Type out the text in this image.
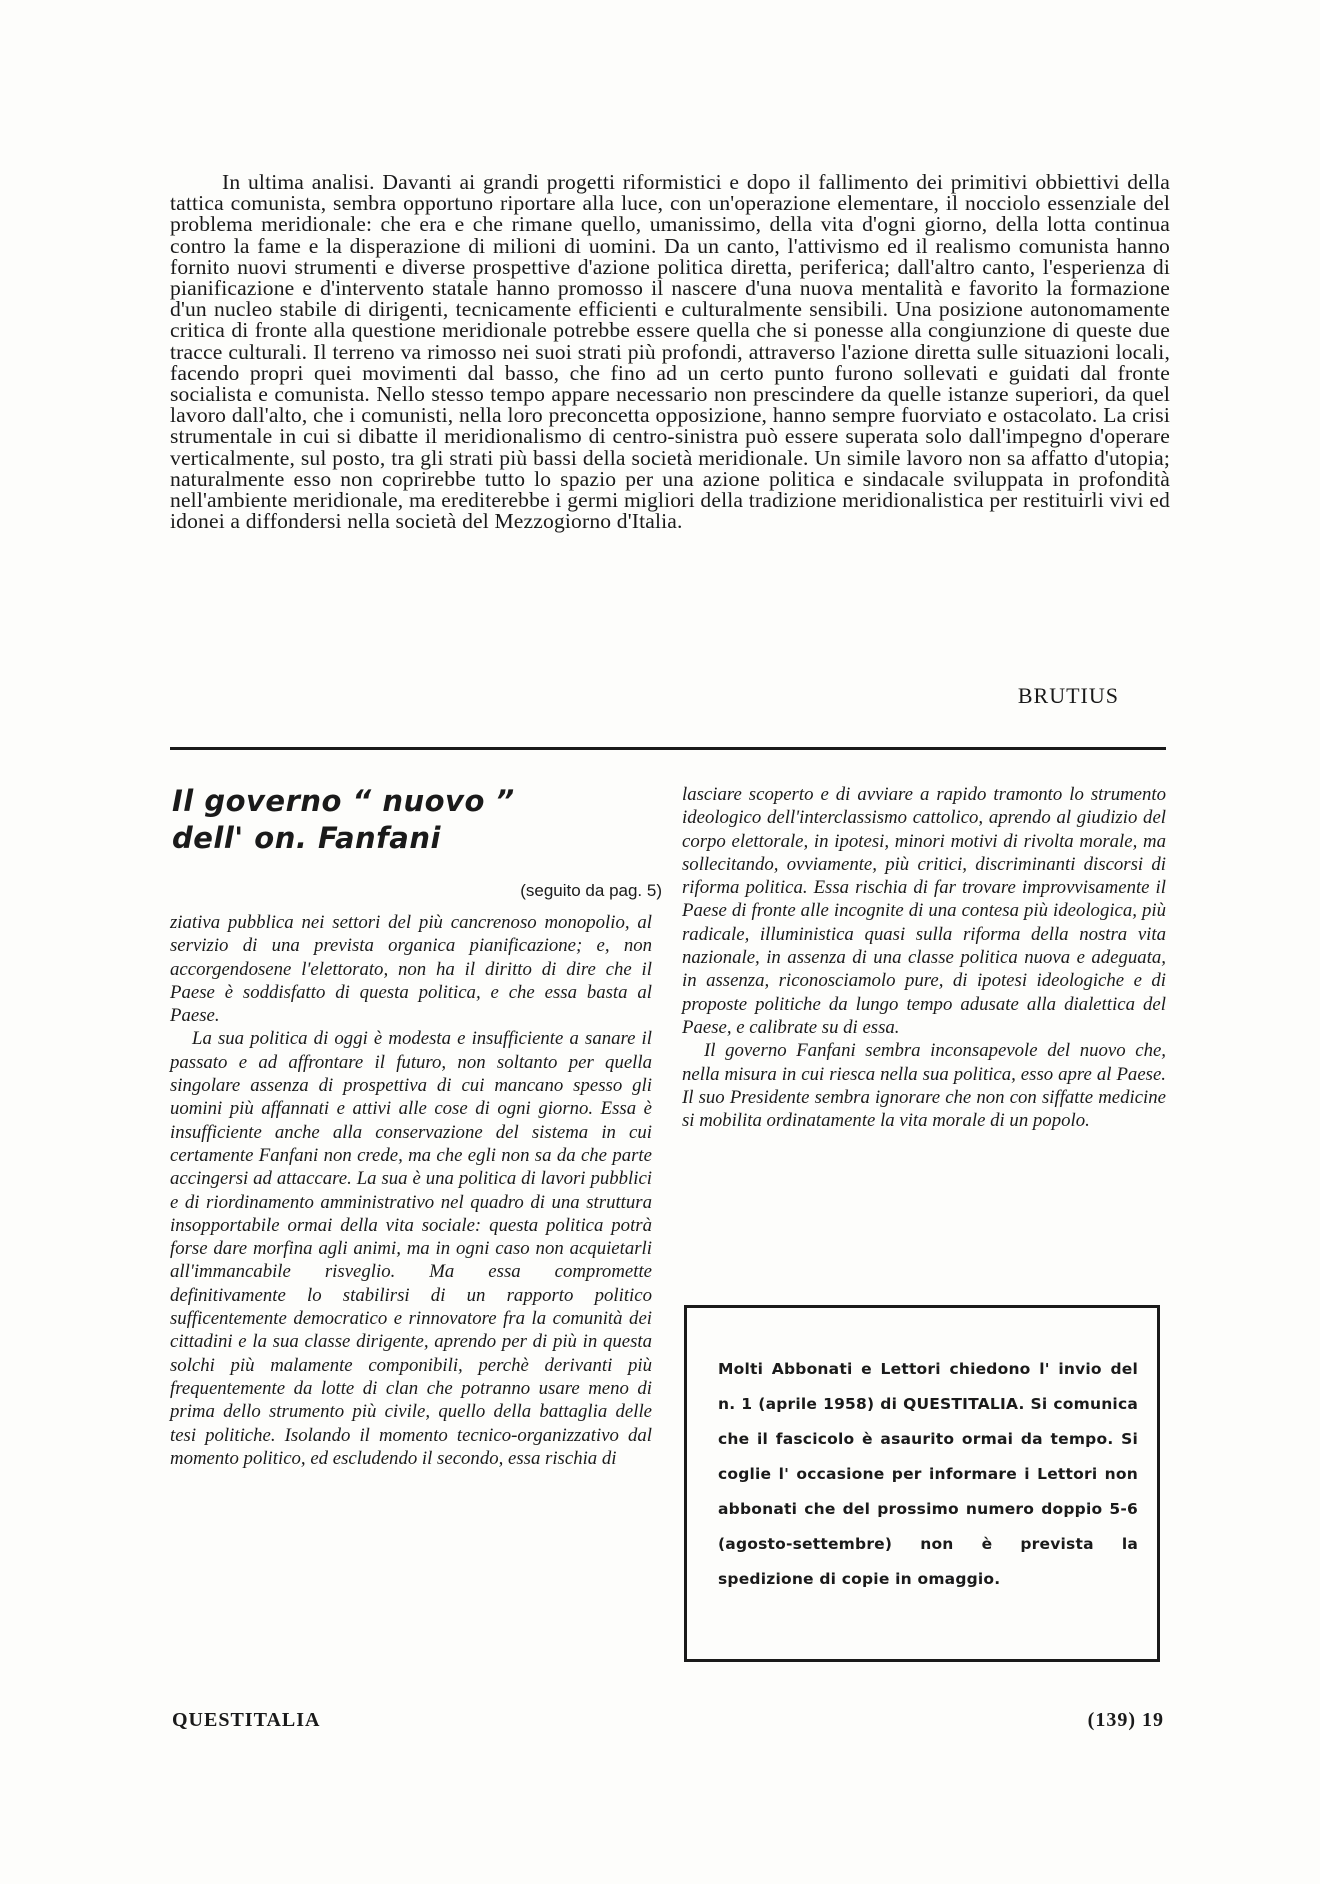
In ultima analisi. Davanti ai grandi progetti riformistici e dopo il fallimento dei primitivi obbiettivi della tattica comunista, sembra opportuno riportare alla luce, con un'operazione elementare, il nocciolo essenziale del problema meridionale: che era e che rimane quello, umanissimo, della vita d'ogni giorno, della lotta continua contro la fame e la disperazione di milioni di uomini. Da un canto, l'attivismo ed il realismo comunista hanno fornito nuovi strumenti e diverse prospettive d'azione politica diretta, periferica; dall'altro canto, l'esperienza di pianificazione e d'intervento statale hanno promosso il nascere d'una nuova mentalità e favorito la formazione d'un nucleo stabile di dirigenti, tecnicamente efficienti e culturalmente sensibili. Una posizione autonomamente critica di fronte alla questione meridionale potrebbe essere quella che si ponesse alla congiunzione di queste due tracce culturali. Il terreno va rimosso nei suoi strati più profondi, attraverso l'azione diretta sulle situazioni locali, facendo propri quei movimenti dal basso, che fino ad un certo punto furono sollevati e guidati dal fronte socialista e comunista. Nello stesso tempo appare necessario non prescindere da quelle istanze superiori, da quel lavoro dall'alto, che i comunisti, nella loro preconcetta opposizione, hanno sempre fuorviato e ostacolato. La crisi strumentale in cui si dibatte il meridionalismo di centro-sinistra può essere superata solo dall'impegno d'operare verticalmente, sul posto, tra gli strati più bassi della società meridionale. Un simile lavoro non sa affatto d'utopia; naturalmente esso non coprirebbe tutto lo spazio per una azione politica e sindacale sviluppata in profondità nell'ambiente meridionale, ma erediterebbe i germi migliori della tradizione meridionalistica per restituirli vivi ed idonei a diffondersi nella società del Mezzogiorno d'Italia.

BRUTIUS

Il governo “ nuovo ”
dell' on. Fanfani

(seguito da pag. 5)

ziativa pubblica nei settori del più cancrenoso monopolio, al servizio di una prevista organica pianificazione; e, non accorgendosene l'elettorato, non ha il diritto di dire che il Paese è soddisfatto di questa politica, e che essa basta al Paese.

La sua politica di oggi è modesta e insufficiente a sanare il passato e ad affrontare il futuro, non soltanto per quella singolare assenza di prospettiva di cui mancano spesso gli uomini più affannati e attivi alle cose di ogni giorno. Essa è insufficiente anche alla conservazione del sistema in cui certamente Fanfani non crede, ma che egli non sa da che parte accingersi ad attaccare. La sua è una politica di lavori pubblici e di riordinamento amministrativo nel quadro di una struttura insopportabile ormai della vita sociale: questa politica potrà forse dare morfina agli animi, ma in ogni caso non acquietarli all'immancabile risveglio. Ma essa compromette definitivamente lo stabilirsi di un rapporto politico sufficentemente democratico e rinnovatore fra la comunità dei cittadini e la sua classe dirigente, aprendo per di più in questa solchi più malamente componibili, perchè derivanti più frequentemente da lotte di clan che potranno usare meno di prima dello strumento più civile, quello della battaglia delle tesi politiche. Isolando il momento tecnico-organizzativo dal momento politico, ed escludendo il secondo, essa rischia di

lasciare scoperto e di avviare a rapido tramonto lo strumento ideologico dell'interclassismo cattolico, aprendo al giudizio del corpo elettorale, in ipotesi, minori motivi di rivolta morale, ma sollecitando, ovviamente, più critici, discriminanti discorsi di riforma politica. Essa rischia di far trovare improvvisamente il Paese di fronte alle incognite di una contesa più ideologica, più radicale, illuministica quasi sulla riforma della nostra vita nazionale, in assenza di una classe politica nuova e adeguata, in assenza, riconosciamolo pure, di ipotesi ideologiche e di proposte politiche da lungo tempo adusate alla dialettica del Paese, e calibrate su di essa.

Il governo Fanfani sembra inconsapevole del nuovo che, nella misura in cui riesca nella sua politica, esso apre al Paese. Il suo Presidente sembra ignorare che non con siffatte medicine si mobilita ordinatamente la vita morale di un popolo.

Molti Abbonati e Lettori chiedono l' invio del n. 1 (aprile 1958) di QUESTITALIA. Si comunica che il fascicolo è asaurito ormai da tempo. Si coglie l' occasione per informare i Lettori non abbonati che del prossimo numero doppio 5-6 (agosto-settembre) non è prevista la spedizione di copie in omaggio.

QUESTITALIA	(139) 19
